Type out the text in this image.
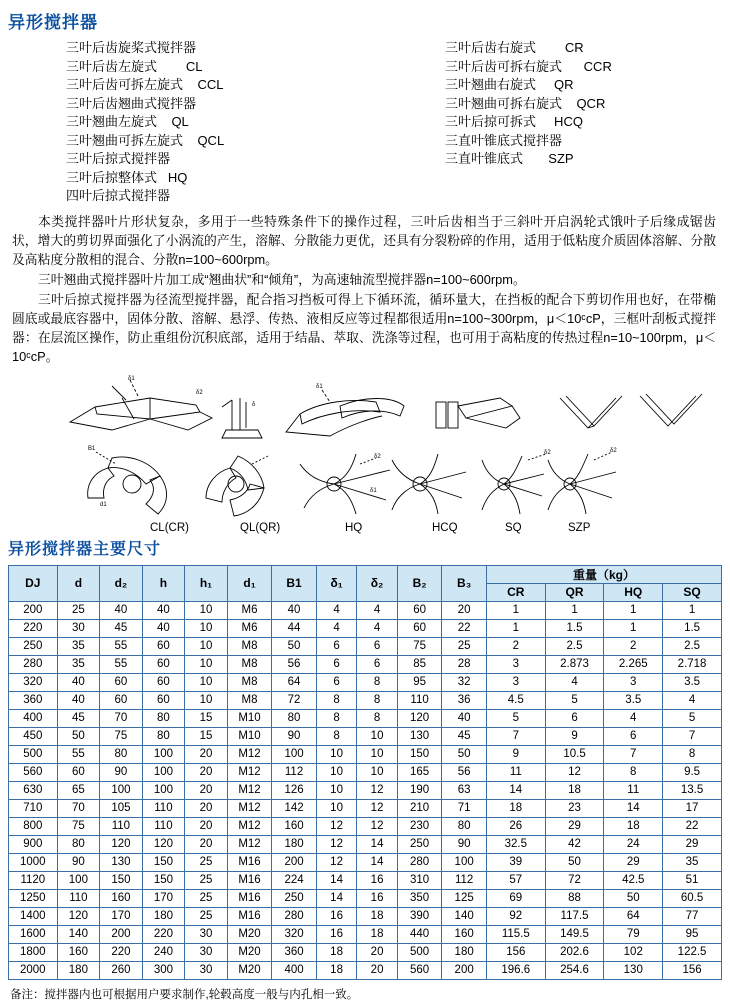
异形搅拌器
三叶后齿旋桨式搅拌器
三叶后齿左旋式        CL
三叶后齿可拆左旋式    CCL
三叶后齿翘曲式搅拌器
三叶翘曲左旋式    QL
三叶翘曲可拆左旋式    QCL
三叶后掠式搅拌器
三叶后掠整体式   HQ
四叶后掠式搅拌器
三叶后齿右旋式        CR
三叶后齿可拆右旋式      CCR
三叶翘曲右旋式     QR
三叶翘曲可拆右旋式    QCR
三叶后掠可拆式     HCQ
三直叶锥底式搅拌器
三直叶锥底式       SZP

本类搅拌器叶片形状复杂，多用于一些特殊条件下的操作过程，三叶后齿相当于三斜叶开启涡轮式饿叶子后缘成锯齿状，增大的剪切界面强化了小涡流的产生，溶解、分散能力更优，还具有分裂粉碎的作用，适用于低粘度介质固体溶解、分散及高粘度分散相的混合、分散n=100~600rpm。

三叶翘曲式搅拌器叶片加工成“翘曲状”和“倾角”，为高速轴流型搅拌器n=100~600rpm。

三叶后掠式搅拌器为径流型搅拌器，配合指习挡板可得上下循环流，循环量大，在挡板的配合下剪切作用也好，在带椭圆底或最底容器中，固体分散、溶解、悬浮、传热、液相反应等过程都很适用n=100~300rpm，μ＜10ᶜcP，三框叶刮板式搅拌器：在层流区操作，防止重组份沉积底部，适用于结晶、萃取、洗涤等过程，也可用于高粘度的传热过程n=10~100rpm，μ＜10ᶜcP。

δ1
δ2
δ
δ1
B1
d1
δ2
δ1
δ2	δ2
CL(CR)	QL(QR)	HQ	HCQ	SQ	SZP
异形搅拌器主要尺寸
DJ	d	d₂	h	h₁	d₁	B1	δ₁	δ₂	B₂	B₃	重量（kg）			
											CR	QR	HQ	SQ
200	25	40	40	10	M6	40	4	4	60	20	1	1	1	1
220	30	45	40	10	M6	44	4	4	60	22	1	1.5	1	1.5
250	35	55	60	10	M8	50	6	6	75	25	2	2.5	2	2.5
280	35	55	60	10	M8	56	6	6	85	28	3	2.873	2.265	2.718
320	40	60	60	10	M8	64	6	8	95	32	3	4	3	3.5
360	40	60	60	10	M8	72	8	8	110	36	4.5	5	3.5	4
400	45	70	80	15	M10	80	8	8	120	40	5	6	4	5
450	50	75	80	15	M10	90	8	10	130	45	7	9	6	7
500	55	80	100	20	M12	100	10	10	150	50	9	10.5	7	8
560	60	90	100	20	M12	112	10	10	165	56	11	12	8	9.5
630	65	100	100	20	M12	126	10	12	190	63	14	18	11	13.5
710	70	105	110	20	M12	142	10	12	210	71	18	23	14	17
800	75	110	110	20	M12	160	12	12	230	80	26	29	18	22
900	80	120	120	20	M12	180	12	14	250	90	32.5	42	24	29
1000	90	130	150	25	M16	200	12	14	280	100	39	50	29	35
1120	100	150	150	25	M16	224	14	16	310	112	57	72	42.5	51
1250	110	160	170	25	M16	250	14	16	350	125	69	88	50	60.5
1400	120	170	180	25	M16	280	16	18	390	140	92	117.5	64	77
1600	140	200	220	30	M20	320	16	18	440	160	115.5	149.5	79	95
1800	160	220	240	30	M20	360	18	20	500	180	156	202.6	102	122.5
2000	180	260	300	30	M20	400	18	20	560	200	196.6	254.6	130	156
备注：搅拌器内也可根据用户要求制作,轮毂高度一般与内孔相一致。
